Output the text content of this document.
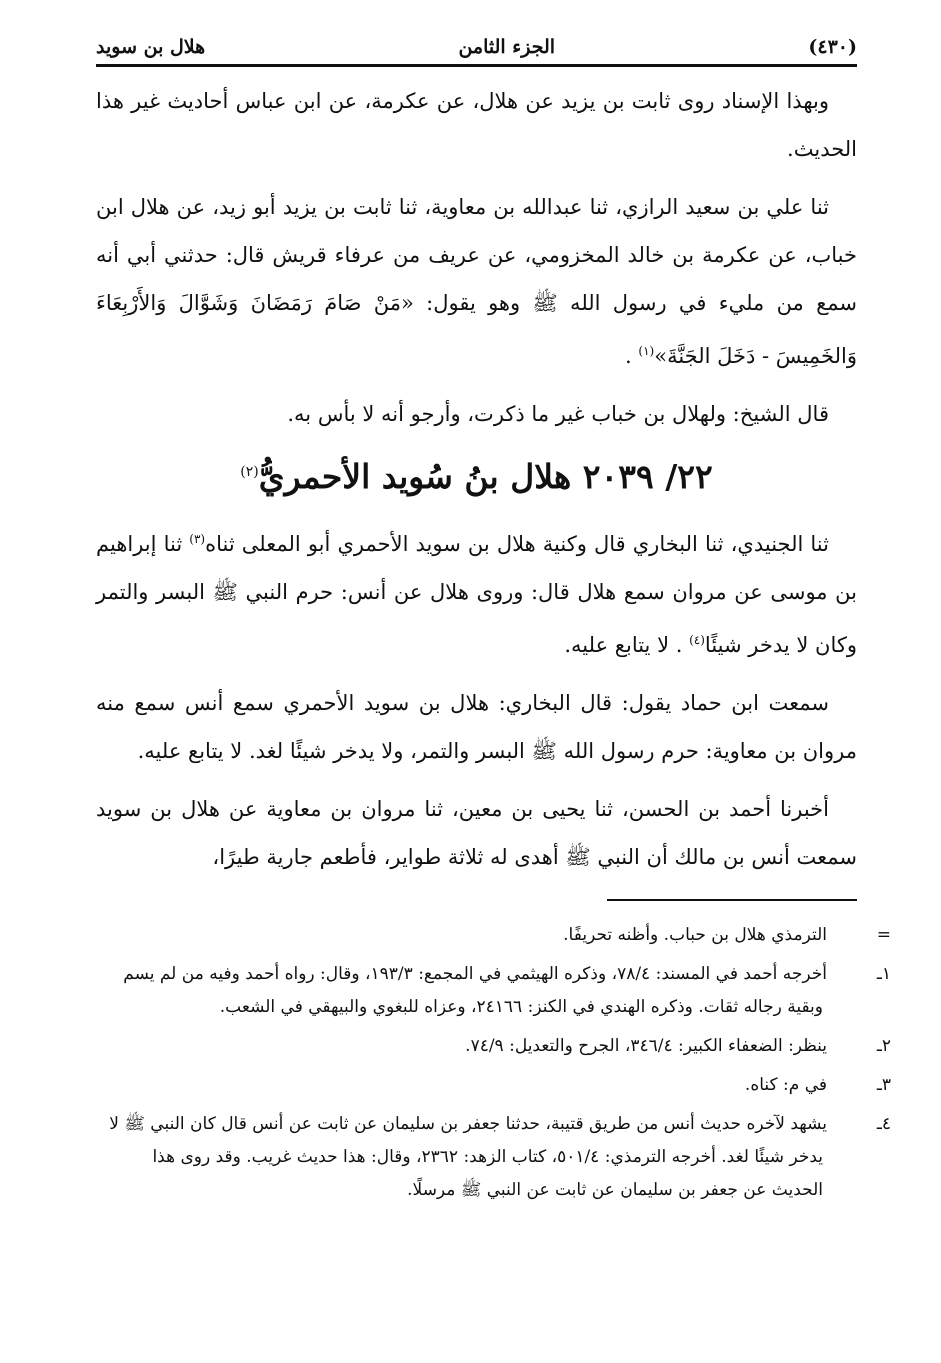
(٤٣٠)
الجزء الثامن
هلال بن سويد

وبهذا الإسناد روى ثابت بن يزيد عن هلال، عن عكرمة، عن ابن عباس أحاديث غير هذا الحديث.

ثنا علي بن سعيد الرازي، ثنا عبدالله بن معاوية، ثنا ثابت بن يزيد أبو زيد، عن هلال ابن خباب، عن عكرمة بن خالد المخزومي، عن عريف من عرفاء قريش قال: حدثني أبي أنه سمع من مليء في رسول الله ﷺ وهو يقول: «مَنْ صَامَ رَمَضَانَ وَشَوَّالَ وَالأَرْبِعَاءَ وَالخَمِيسَ - دَخَلَ الجَنَّةَ»$^{(١)}$ .

قال الشيخ: ولهلال بن خباب غير ما ذكرت، وأرجو أنه لا بأس به.

٢٢/ ٢٠٣٩ هلال بنُ سُويد الأحمريُّ$^{(٢)}$

ثنا الجنيدي، ثنا البخاري قال وكنية هلال بن سويد الأحمري أبو المعلى ثناه$^{(٣)}$ ثنا إبراهيم بن موسى عن مروان سمع هلال قال: وروى هلال عن أنس: حرم النبي ﷺ البسر والتمر وكان لا يدخر شيئًا$^{(٤)}$ . لا يتابع عليه.

سمعت ابن حماد يقول: قال البخاري: هلال بن سويد الأحمري سمع أنس سمع منه مروان بن معاوية: حرم رسول الله ﷺ البسر والتمر، ولا يدخر شيئًا لغد. لا يتابع عليه.

أخبرنا أحمد بن الحسن، ثنا يحيى بن معين، ثنا مروان بن معاوية عن هلال بن سويد سمعت أنس بن مالك أن النبي ﷺ أهدى له ثلاثة طواير، فأطعم جارية طيرًا،

=الترمذي هلال بن حباب. وأظنه تحريفًا.
١ـأخرجه أحمد في المسند: ٧٨/٤، وذكره الهيثمي في المجمع: ١٩٣/٣، وقال: رواه أحمد وفيه من لم يسم وبقية رجاله ثقات. وذكره الهندي في الكنز: ٢٤١٦٦، وعزاه للبغوي والبيهقي في الشعب.
٢ـينظر: الضعفاء الكبير: ٣٤٦/٤، الجرح والتعديل: ٧٤/٩.
٣ـفي م: كناه.
٤ـيشهد لآخره حديث أنس من طريق قتيبة، حدثنا جعفر بن سليمان عن ثابت عن أنس قال كان النبي ﷺ لا يدخر شيئًا لغد. أخرجه الترمذي: ٥٠١/٤، كتاب الزهد: ٢٣٦٢، وقال: هذا حديث غريب. وقد روى هذا الحديث عن جعفر بن سليمان عن ثابت عن النبي ﷺ مرسلًا.
